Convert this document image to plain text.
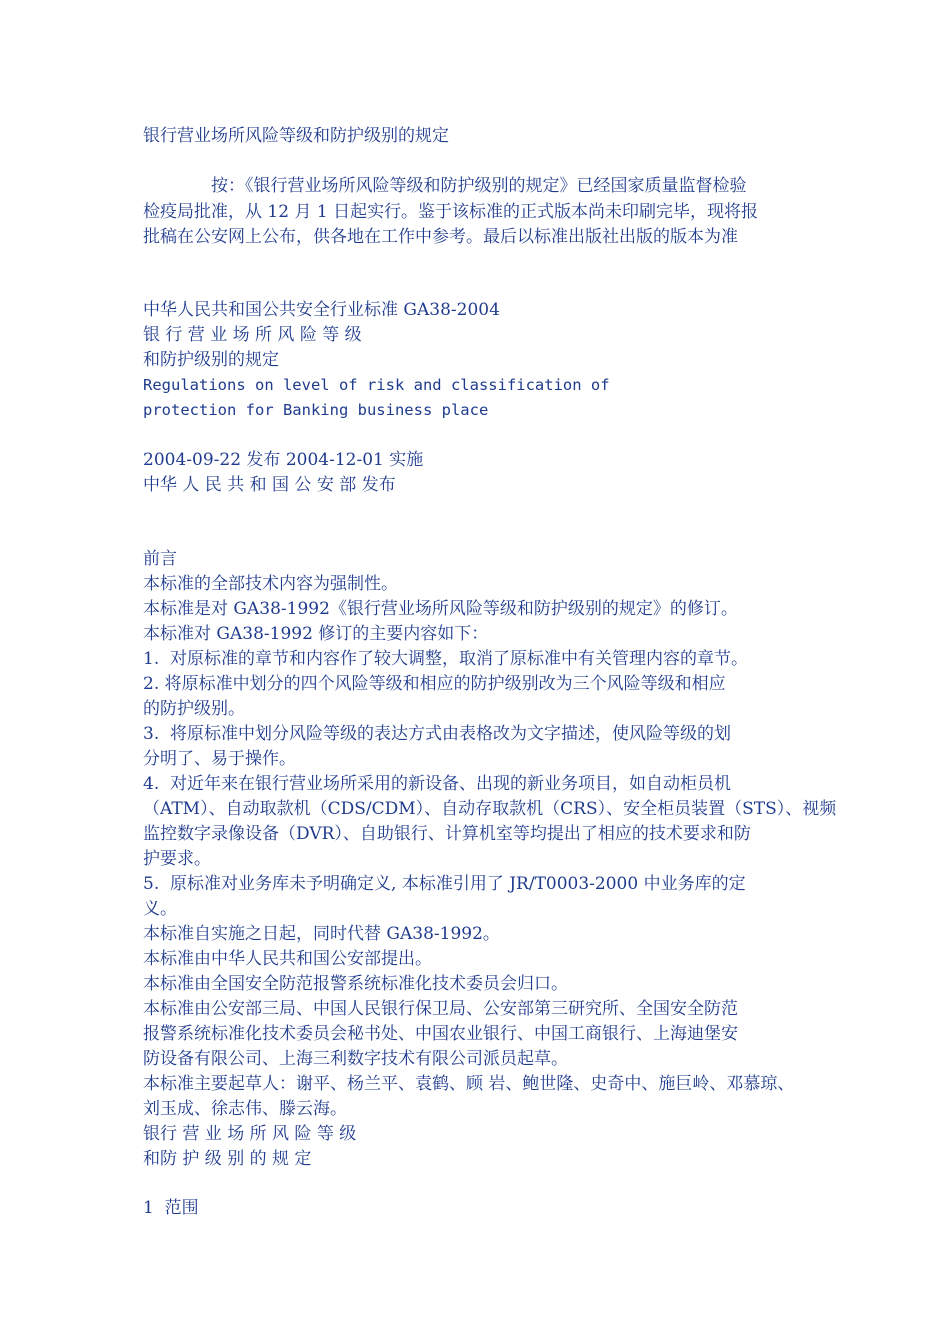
银行营业场所风险等级和防护级别的规定
　　　　按：《银行营业场所风险等级和防护级别的规定》已经国家质量监督检验
检疫局批准，从 12 月 1 日起实行。鉴于该标准的正式版本尚未印刷完毕，现将报
批稿在公安网上公布，供各地在工作中参考。最后以标准出版社出版的版本为准
中华人民共和国公共安全行业标准 GA38-2004
银 行 营 业 场 所 风 险 等 级
和防护级别的规定
Regulations on level of risk and classification of
protection for Banking business place
2004-09-22 发布 2004-12-01 实施
中华 人 民 共 和 国 公 安 部 发布
前言
本标准的全部技术内容为强制性。
本标准是对 GA38-1992《银行营业场所风险等级和防护级别的规定》的修订。
本标准对 GA38-1992 修订的主要内容如下：
1.  对原标准的章节和内容作了较大调整，取消了原标准中有关管理内容的章节。
2. 将原标准中划分的四个风险等级和相应的防护级别改为三个风险等级和相应
的防护级别。
3.  将原标准中划分风险等级的表达方式由表格改为文字描述，使风险等级的划
分明了、易于操作。
4.  对近年来在银行营业场所采用的新设备、出现的新业务项目，如自动柜员机
（ATM）、自动取款机（CDS/CDM）、自动存取款机（CRS）、安全柜员装置（STS）、视频
监控数字录像设备（DVR）、自助银行、计算机室等均提出了相应的技术要求和防
护要求。
5.  原标准对业务库未予明确定义, 本标准引用了 JR/T0003-2000 中业务库的定
义。
本标准自实施之日起，同时代替 GA38-1992。
本标准由中华人民共和国公安部提出。
本标准由全国安全防范报警系统标准化技术委员会归口。
本标准由公安部三局、中国人民银行保卫局、公安部第三研究所、全国安全防范
报警系统标准化技术委员会秘书处、中国农业银行、中国工商银行、上海迪堡安
防设备有限公司、上海三利数字技术有限公司派员起草。
本标准主要起草人：谢平、杨兰平、袁鹤、顾 岩、鲍世隆、史奇中、施巨岭、邓慕琼、
刘玉成、徐志伟、滕云海。
银行 营 业 场 所 风 险 等 级
和防 护 级 别 的 规 定
1  范围
